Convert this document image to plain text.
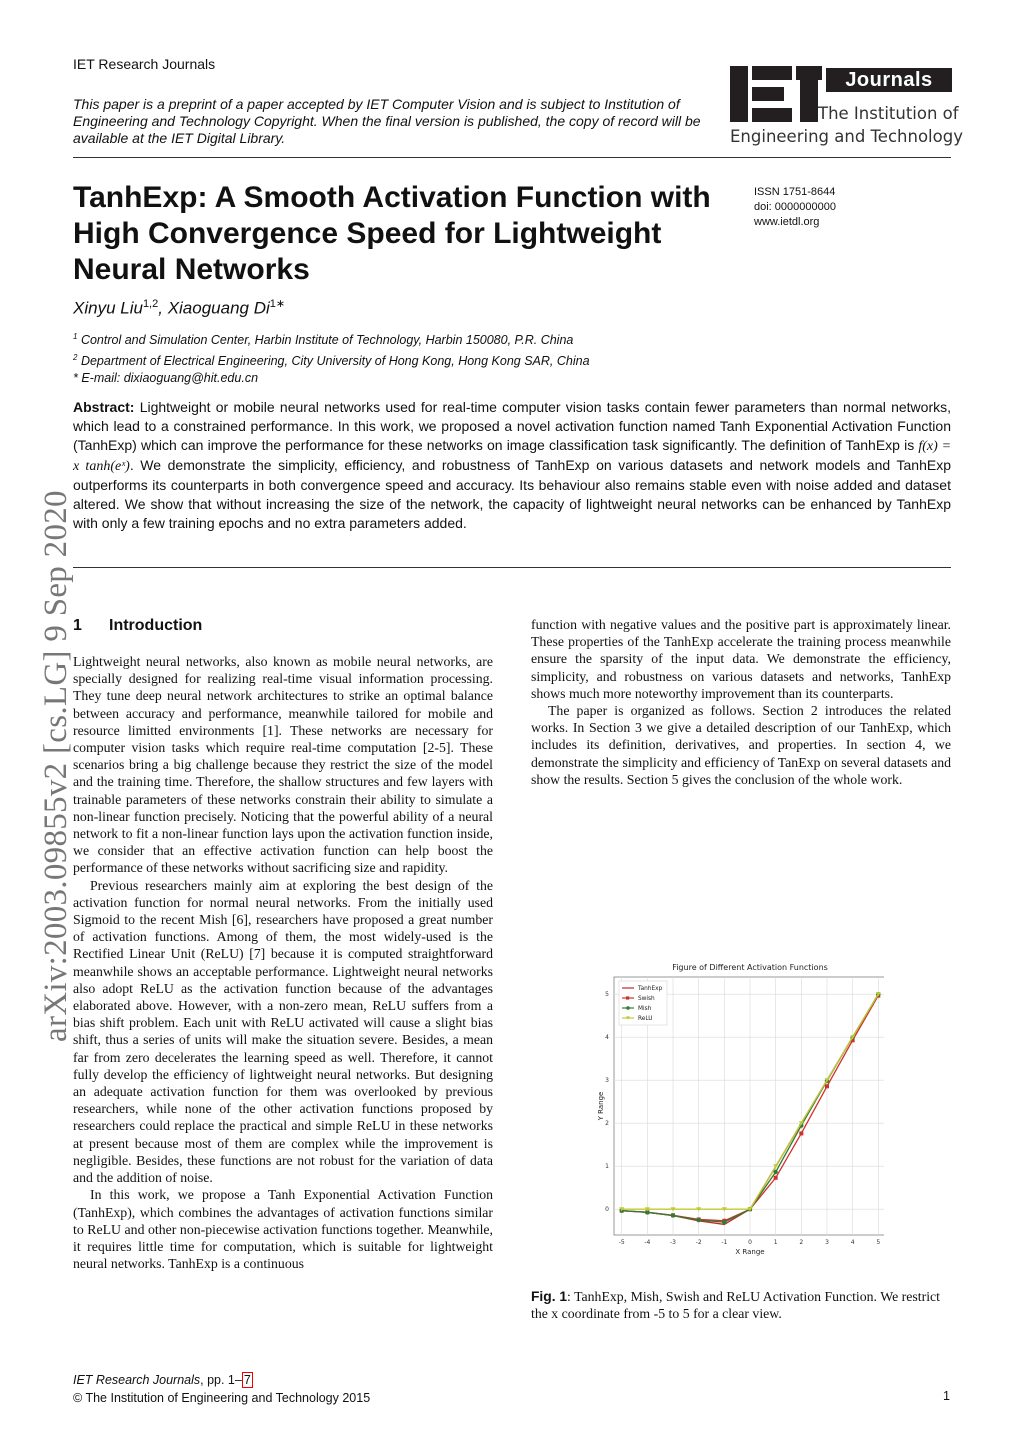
IET Research Journals
This paper is a preprint of a paper accepted by IET Computer Vision and is subject to Institution of Engineering and Technology Copyright. When the final version is published, the copy of record will be available at the IET Digital Library.
Journals
The Institution of
Engineering and Technology
TanhExp: A Smooth Activation Function with High Convergence Speed for Lightweight Neural Networks
ISSN 1751-8644
doi: 0000000000
www.ietdl.org
Xinyu Liu$^{1,2}$, Xiaoguang $Di^{1∗}$
$^1$ Control and Simulation Center, Harbin Institute of Technology, Harbin 150080, P.R. China
$^2$ Department of Electrical Engineering, City University of Hong Kong, Hong Kong SAR, China
* E-mail: dixiaoguang@hit.edu.cn
Abstract: Lightweight or mobile neural networks used for real-time computer vision tasks contain fewer parameters than normal networks, which lead to a constrained performance. In this work, we proposed a novel activation function named Tanh Exponential Activation Function (TanhExp) which can improve the performance for these networks on image classification task significantly. The definition of TanhExp is f(x) = x tanh(eˣ). We demonstrate the simplicity, efficiency, and robustness of TanhExp on various datasets and network models and TanhExp outperforms its counterparts in both convergence speed and accuracy. Its behaviour also remains stable even with noise added and dataset altered. We show that without increasing the size of the network, the capacity of lightweight neural networks can be enhanced by TanhExp with only a few training epochs and no extra parameters added.
1 Introduction

Lightweight neural networks, also known as mobile neural networks, are specially designed for realizing real-time visual information processing. They tune deep neural network architectures to strike an optimal balance between accuracy and performance, meanwhile tailored for mobile and resource limitted environments [1]. These networks are necessary for computer vision tasks which require real-time computation [2-5]. These scenarios bring a big challenge because they restrict the size of the model and the training time. Therefore, the shallow structures and few layers with trainable parameters of these networks constrain their ability to simulate a non-linear function precisely. Noticing that the powerful ability of a neural network to fit a non-linear function lays upon the activation function inside, we consider that an effective activation function can help boost the performance of these networks without sacrificing size and rapidity.

Previous researchers mainly aim at exploring the best design of the activation function for normal neural networks. From the initially used Sigmoid to the recent Mish [6], researchers have proposed a great number of activation functions. Among of them, the most widely-used is the Rectified Linear Unit (ReLU) [7] because it is computed straightforward meanwhile shows an acceptable performance. Lightweight neural networks also adopt ReLU as the activation function because of the advantages elaborated above. However, with a non-zero mean, ReLU suffers from a bias shift problem. Each unit with ReLU activated will cause a slight bias shift, thus a series of units will make the situation severe. Besides, a mean far from zero decelerates the learning speed as well. Therefore, it cannot fully develop the efficiency of lightweight neural networks. But designing an adequate activation function for them was overlooked by previous researchers, while none of the other activation functions proposed by researchers could replace the practical and simple ReLU in these networks at present because most of them are complex while the improvement is negligible. Besides, these functions are not robust for the variation of data and the addition of noise.

In this work, we propose a Tanh Exponential Activation Function (TanhExp), which combines the advantages of activation functions similar to ReLU and other non-piecewise activation functions together. Meanwhile, it requires little time for computation, which is suitable for lightweight neural networks. TanhExp is a continuous

function with negative values and the positive part is approximately linear. These properties of the TanhExp accelerate the training process meanwhile ensure the sparsity of the input data. We demonstrate the efficiency, simplicity, and robustness on various datasets and networks, TanhExp shows much more noteworthy improvement than its counterparts.

The paper is organized as follows. Section 2 introduces the related works. In Section 3 we give a detailed description of our TanhExp, which includes its definition, derivatives, and properties. In section 4, we demonstrate the simplicity and efficiency of TanExp on several datasets and show the results. Section 5 gives the conclusion of the whole work.

Figure of Different Activation Functions
-5	-4	-3	-2	-1	0	1	2	3	4	5
0
1
2
3
4
5
X Range
Y Range
TanhExp
Swish
Mish
ReLU
Fig. 1: TanhExp, Mish, Swish and ReLU Activation Function. We restrict the x coordinate from -5 to 5 for a clear view.
arXiv:2003.09855v2 [cs.LG] 9 Sep 2020
IET Research Journals, pp. 1– 7
© The Institution of Engineering and Technology 2015	1
